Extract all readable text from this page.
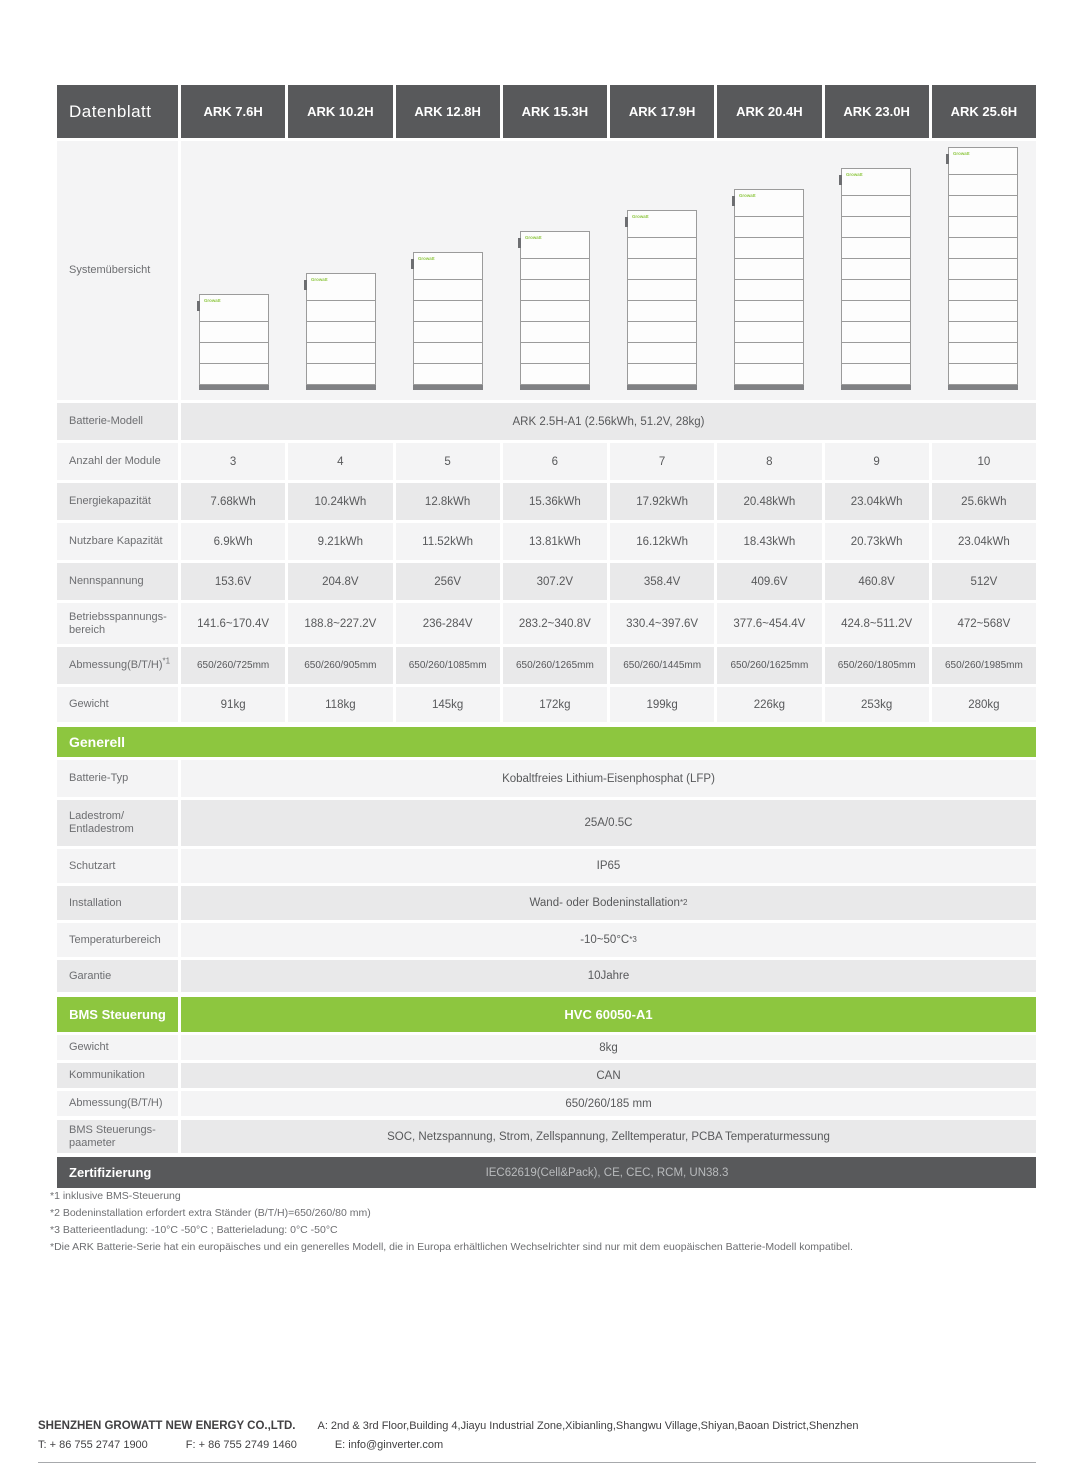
Datenblatt	ARK 7.6H	ARK 10.2H	ARK 12.8H	ARK 15.3H	ARK 17.9H	ARK 20.4H	ARK 23.0H	ARK 25.6H
Systemübersicht
Growatt
Growatt
Growatt
Growatt
Growatt
Growatt
Growatt
Growatt
Batterie-Modell	ARK 2.5H-A1 (2.56kWh, 51.2V, 28kg)
Anzahl der Module	3	4	5	6	7	8	9	10
Energiekapazität	7.68kWh	10.24kWh	12.8kWh	15.36kWh	17.92kWh	20.48kWh	23.04kWh	25.6kWh
Nutzbare Kapazität	6.9kWh	9.21kWh	11.52kWh	13.81kWh	16.12kWh	18.43kWh	20.73kWh	23.04kWh
Nennspannung	153.6V	204.8V	256V	307.2V	358.4V	409.6V	460.8V	512V
Betriebsspannungs-
bereich	141.6~170.4V	188.8~227.2V	236-284V	283.2~340.8V	330.4~397.6V	377.6~454.4V	424.8~511.2V	472~568V
$Abmessung(B/T/H)^{*1}$	650/260/725mm	650/260/905mm	650/260/1085mm	650/260/1265mm	650/260/1445mm	650/260/1625mm	650/260/1805mm	650/260/1985mm
Gewicht	91kg	118kg	145kg	172kg	199kg	226kg	253kg	280kg
Generell
Batterie-Typ	Kobaltfreies Lithium-Eisenphosphat (LFP)
Ladestrom/
Entladestrom	25A/0.5C
Schutzart	IP65
Installation	Wand- oder Bodeninstallation *2
Temperaturbereich	-10~50°C *3
Garantie	10Jahre
BMS Steuerung	HVC 60050-A1
Gewicht	8kg
Kommunikation	CAN
Abmessung(B/T/H)	650/260/185 mm
BMS Steuerungs-
paameter	SOC, Netzspannung, Strom, Zellspannung, Zelltemperatur, PCBA Temperaturmessung
Zertifizierung	IEC62619(Cell&Pack), CE, CEC, RCM, UN38.3
*1 inklusive BMS-Steuerung
*2 Bodeninstallation erfordert extra Ständer (B/T/H)=650/260/80 mm)
*3 Batterieentladung: -10°C -50°C ; Batterieladung: 0°C -50°C
*Die ARK Batterie-Serie hat ein europäisches und ein generelles Modell, die in Europa erhältlichen Wechselrichter sind nur mit dem euopäischen Batterie-Modell kompatibel.
SHENZHEN GROWATT NEW ENERGY CO.,LTD. A: 2nd & 3rd Floor,Building 4,Jiayu Industrial Zone,Xibianling,Shangwu Village,Shiyan,Baoan District,Shenzhen
T: + 86 755 2747 1900	F: + 86 755 2749 1460	E: info@ginverter.com
